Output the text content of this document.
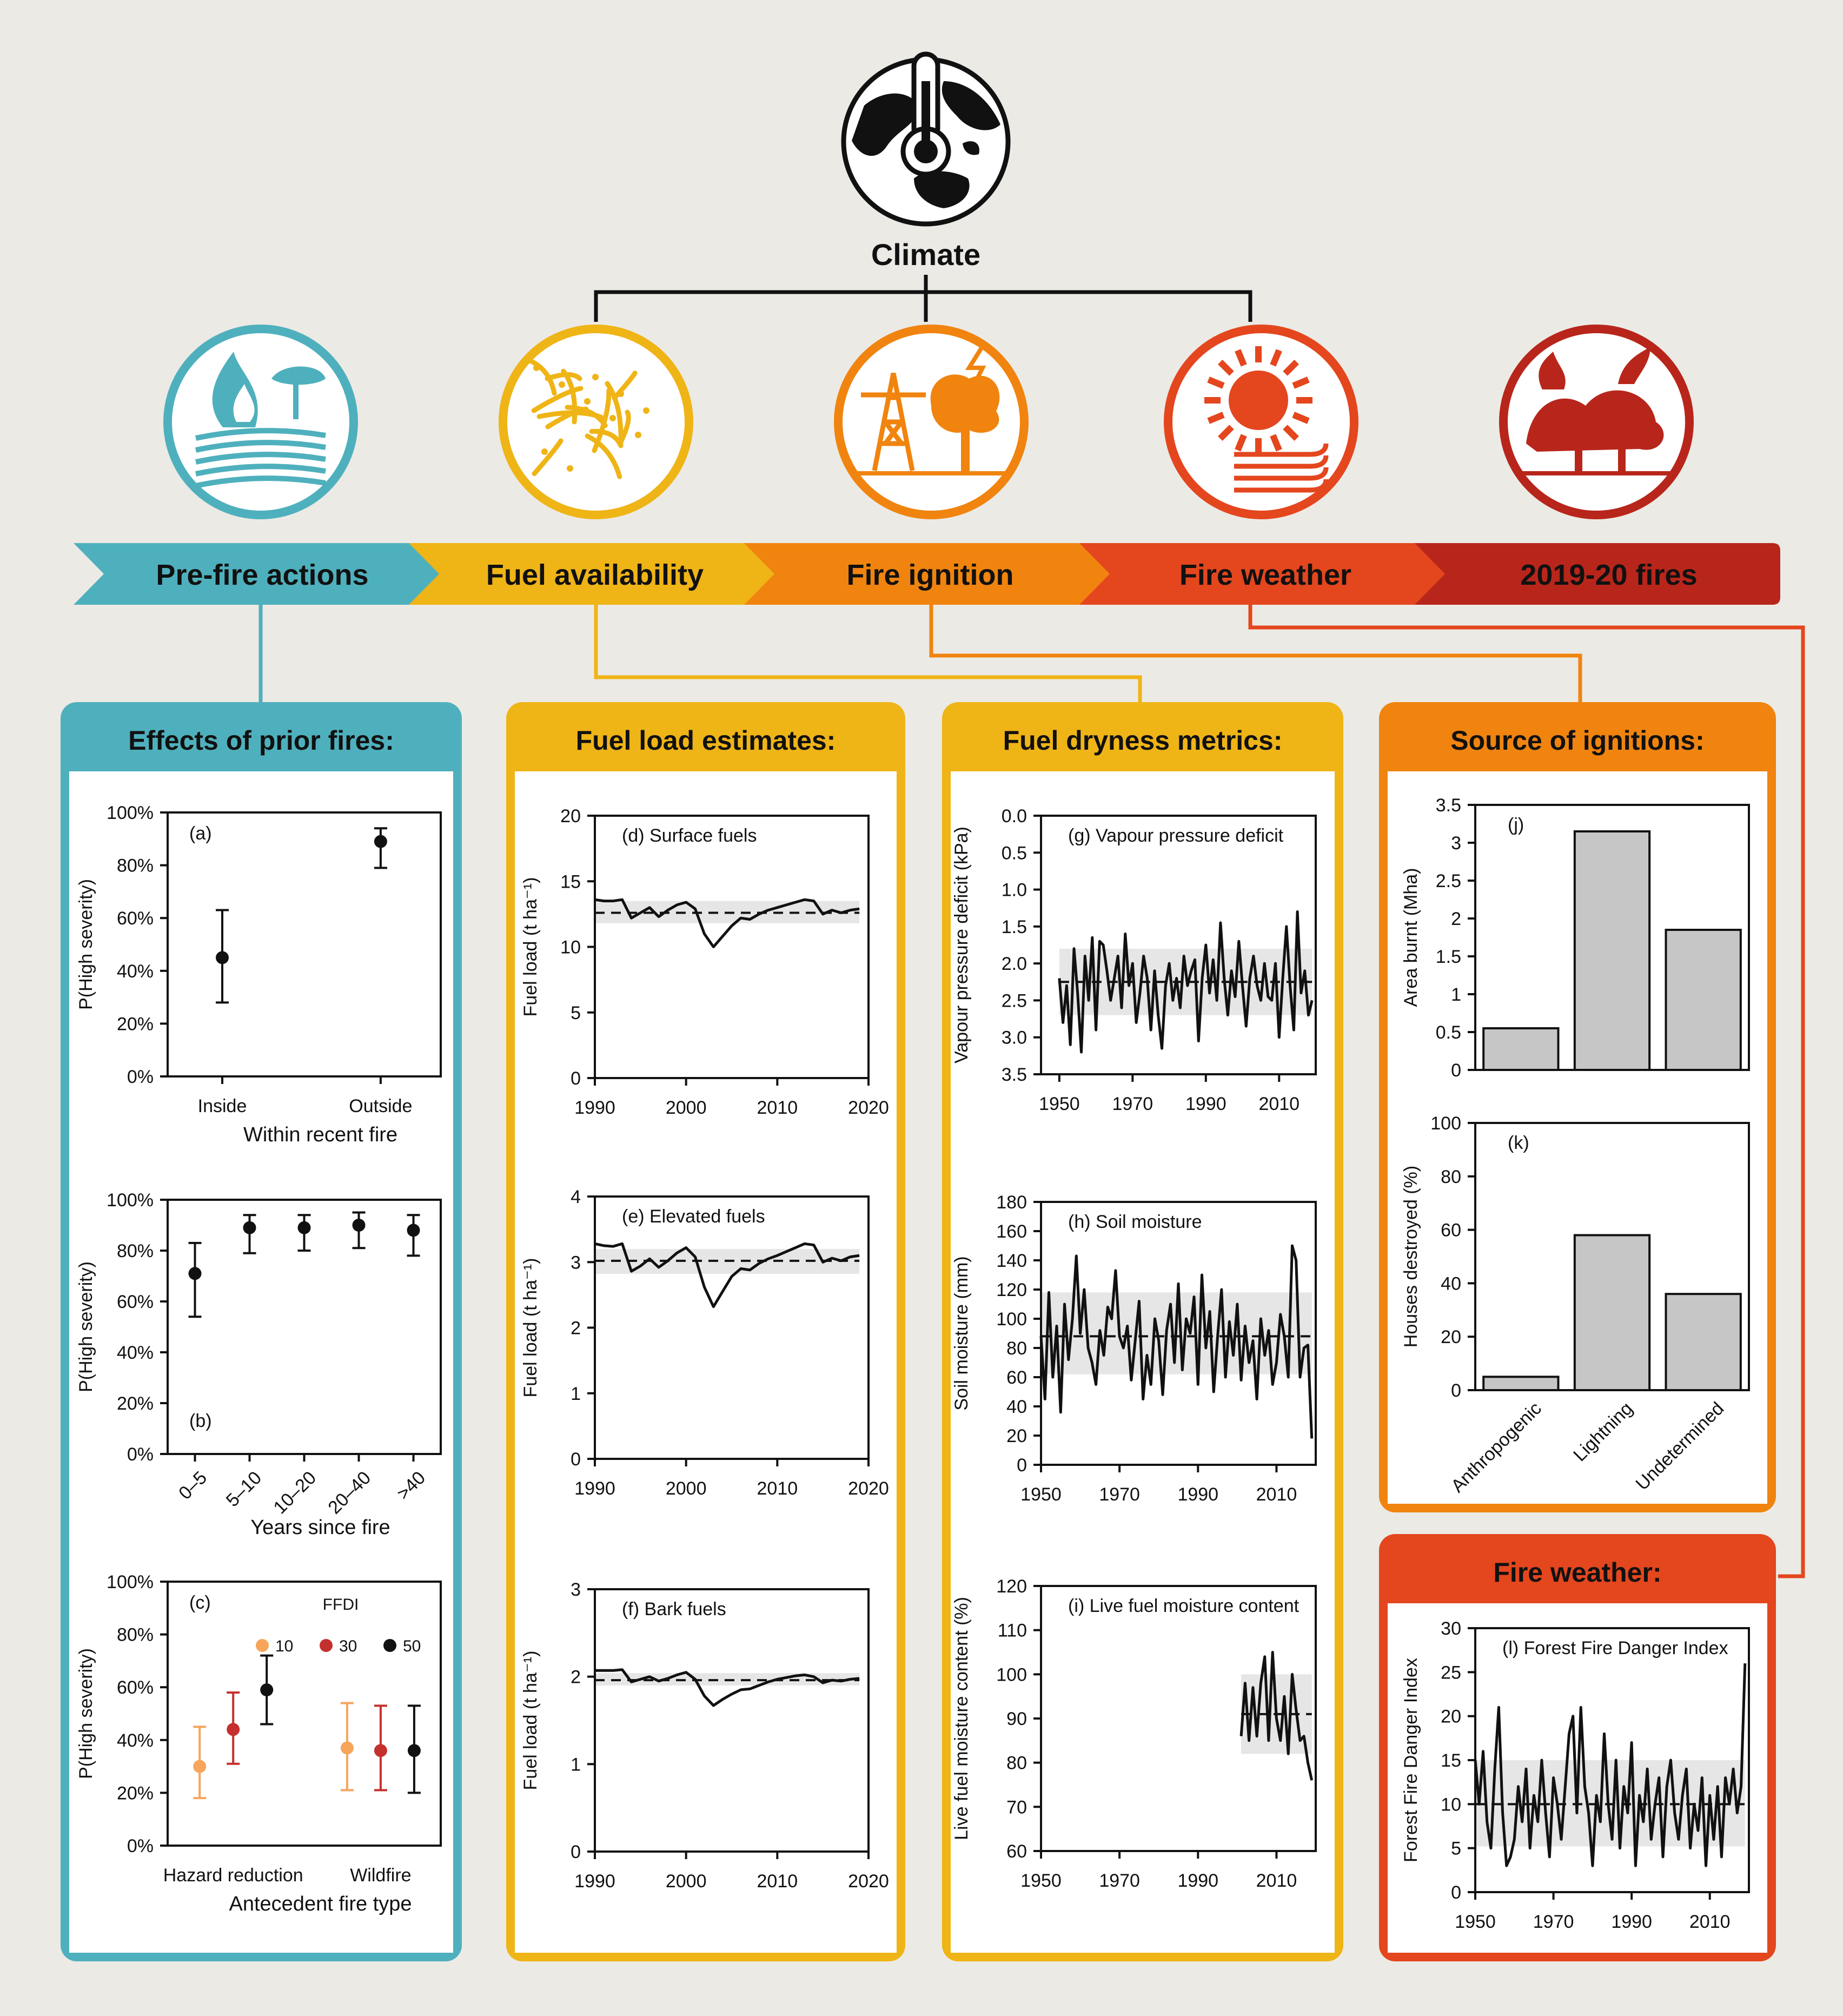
Climate
Pre-fire actions	Fuel availability	Fire ignition	Fire weather	2019-20 fires
Effects of prior fires:	Fuel load estimates:	Fuel dryness metrics:	Source of ignitions:
Fire weather:
0%
20%
40%
60%
80%
100%
Inside	Outside
(a)
Within recent fire
P(High severity)
0%
20%
40%
60%
80%
100%
0–5 5–10 10–20 20–40 >40
(b)
Years since fire
P(High severity)
0%
20%
40%
60%
80%
100%
Hazard reduction	Wildfire
(c)
Antecedent fire type
P(High severity)
FFDI
10	30	50
0
5
10
15
20
1990	2000	2010	2020
(d) Surface fuels
Fuel load (t ha⁻¹)
0
1
2
3
4
1990	2000	2010	2020
(e) Elevated fuels
Fuel load (t ha⁻¹)
0
1
2
3
1990	2000	2010	2020
(f) Bark fuels
Fuel load (t ha⁻¹)
0.0
0.5
1.0
1.5
2.0
2.5
3.0
3.5
1950 1970 1990 2010
(g) Vapour pressure deficit
Vapour pressure deficit (kPa)
0
20
40
60
80
100
120
140
160
180
1950 1970 1990 2010
(h) Soil moisture
Soil moisture (mm)
60
70
80
90
100
110
120
1950 1970 1990 2010
(i) Live fuel moisture content
Live fuel moisture content (%)
0
0.5
1
1.5
2
2.5
3
3.5
(j)
Area burnt (Mha)
Anthropogenic Lightning
Undetermined
0
20
40
60
80
100
(k)
Houses destroyed (%)
0
5
10
15
20
25
30
1950 1970 1990 2010
(l) Forest Fire Danger Index
Forest Fire Danger Index
